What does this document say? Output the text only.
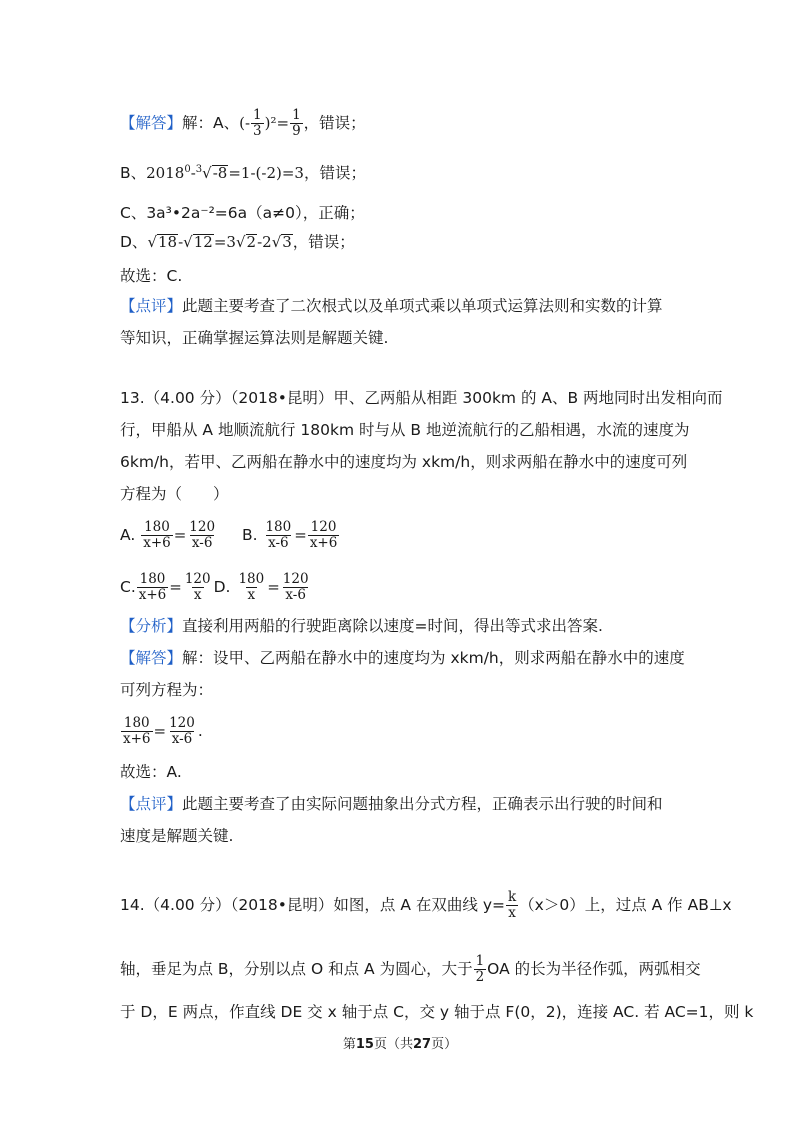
【解答】解：A、(- $\frac{1}{3} )^2= \frac{1}{9}$ ，错误；
B、$2018^0-^3√-8=1-(-2)=3$，错误；
C、3a³•2a⁻²=6a（a≠0），正确；
D、√18-√12=3√2-2√3，错误；
故选：C.
【点评】此题主要考查了二次根式以及单项式乘以单项式运算法则和实数的计算
等知识，正确掌握运算法则是解题关键.
13.（4.00 分）（2018•昆明）甲、乙两船从相距 300km 的 A、B 两地同时出发相向而
行，甲船从 A 地顺流航行 180km 时与从 B 地逆流航行的乙船相遇，水流的速度为
6km/h，若甲、乙两船在静水中的速度均为 xkm/h，则求两船在静水中的速度可列
方程为（　　）
A. $\frac{180}{x+6} = \frac{120}{x-6} B$. $\frac{180}{x-6} = \frac{120}{x+6}$
C. $\frac{180}{x+6} = \frac{120}{x} D$. $\frac{180}{x} = \frac{120}{x-6}$
【分析】直接利用两船的行驶距离除以速度=时间，得出等式求出答案.
【解答】解：设甲、乙两船在静水中的速度均为 xkm/h，则求两船在静水中的速度
可列方程为：
$\frac{180}{x+6} = \frac{120}{x-6}$ .
故选：A.
【点评】此题主要考查了由实际问题抽象出分式方程，正确表示出行驶的时间和
速度是解题关键.
14.（4.00 分）（2018•昆明）如图，点 A 在双曲线 $y= \frac{k}{x} (x>0)$上，过点 A 作 AB⊥x
轴，垂足为点 B，分别以点 O 和点 A 为圆心，大于 $\frac{1}{2}$ OA 的长为半径作弧，两弧相交
于 D，E 两点，作直线 DE 交 x 轴于点 C，交 y 轴于点 F(0，2)，连接 AC. 若 AC=1，则 k
第15页（共27页）
